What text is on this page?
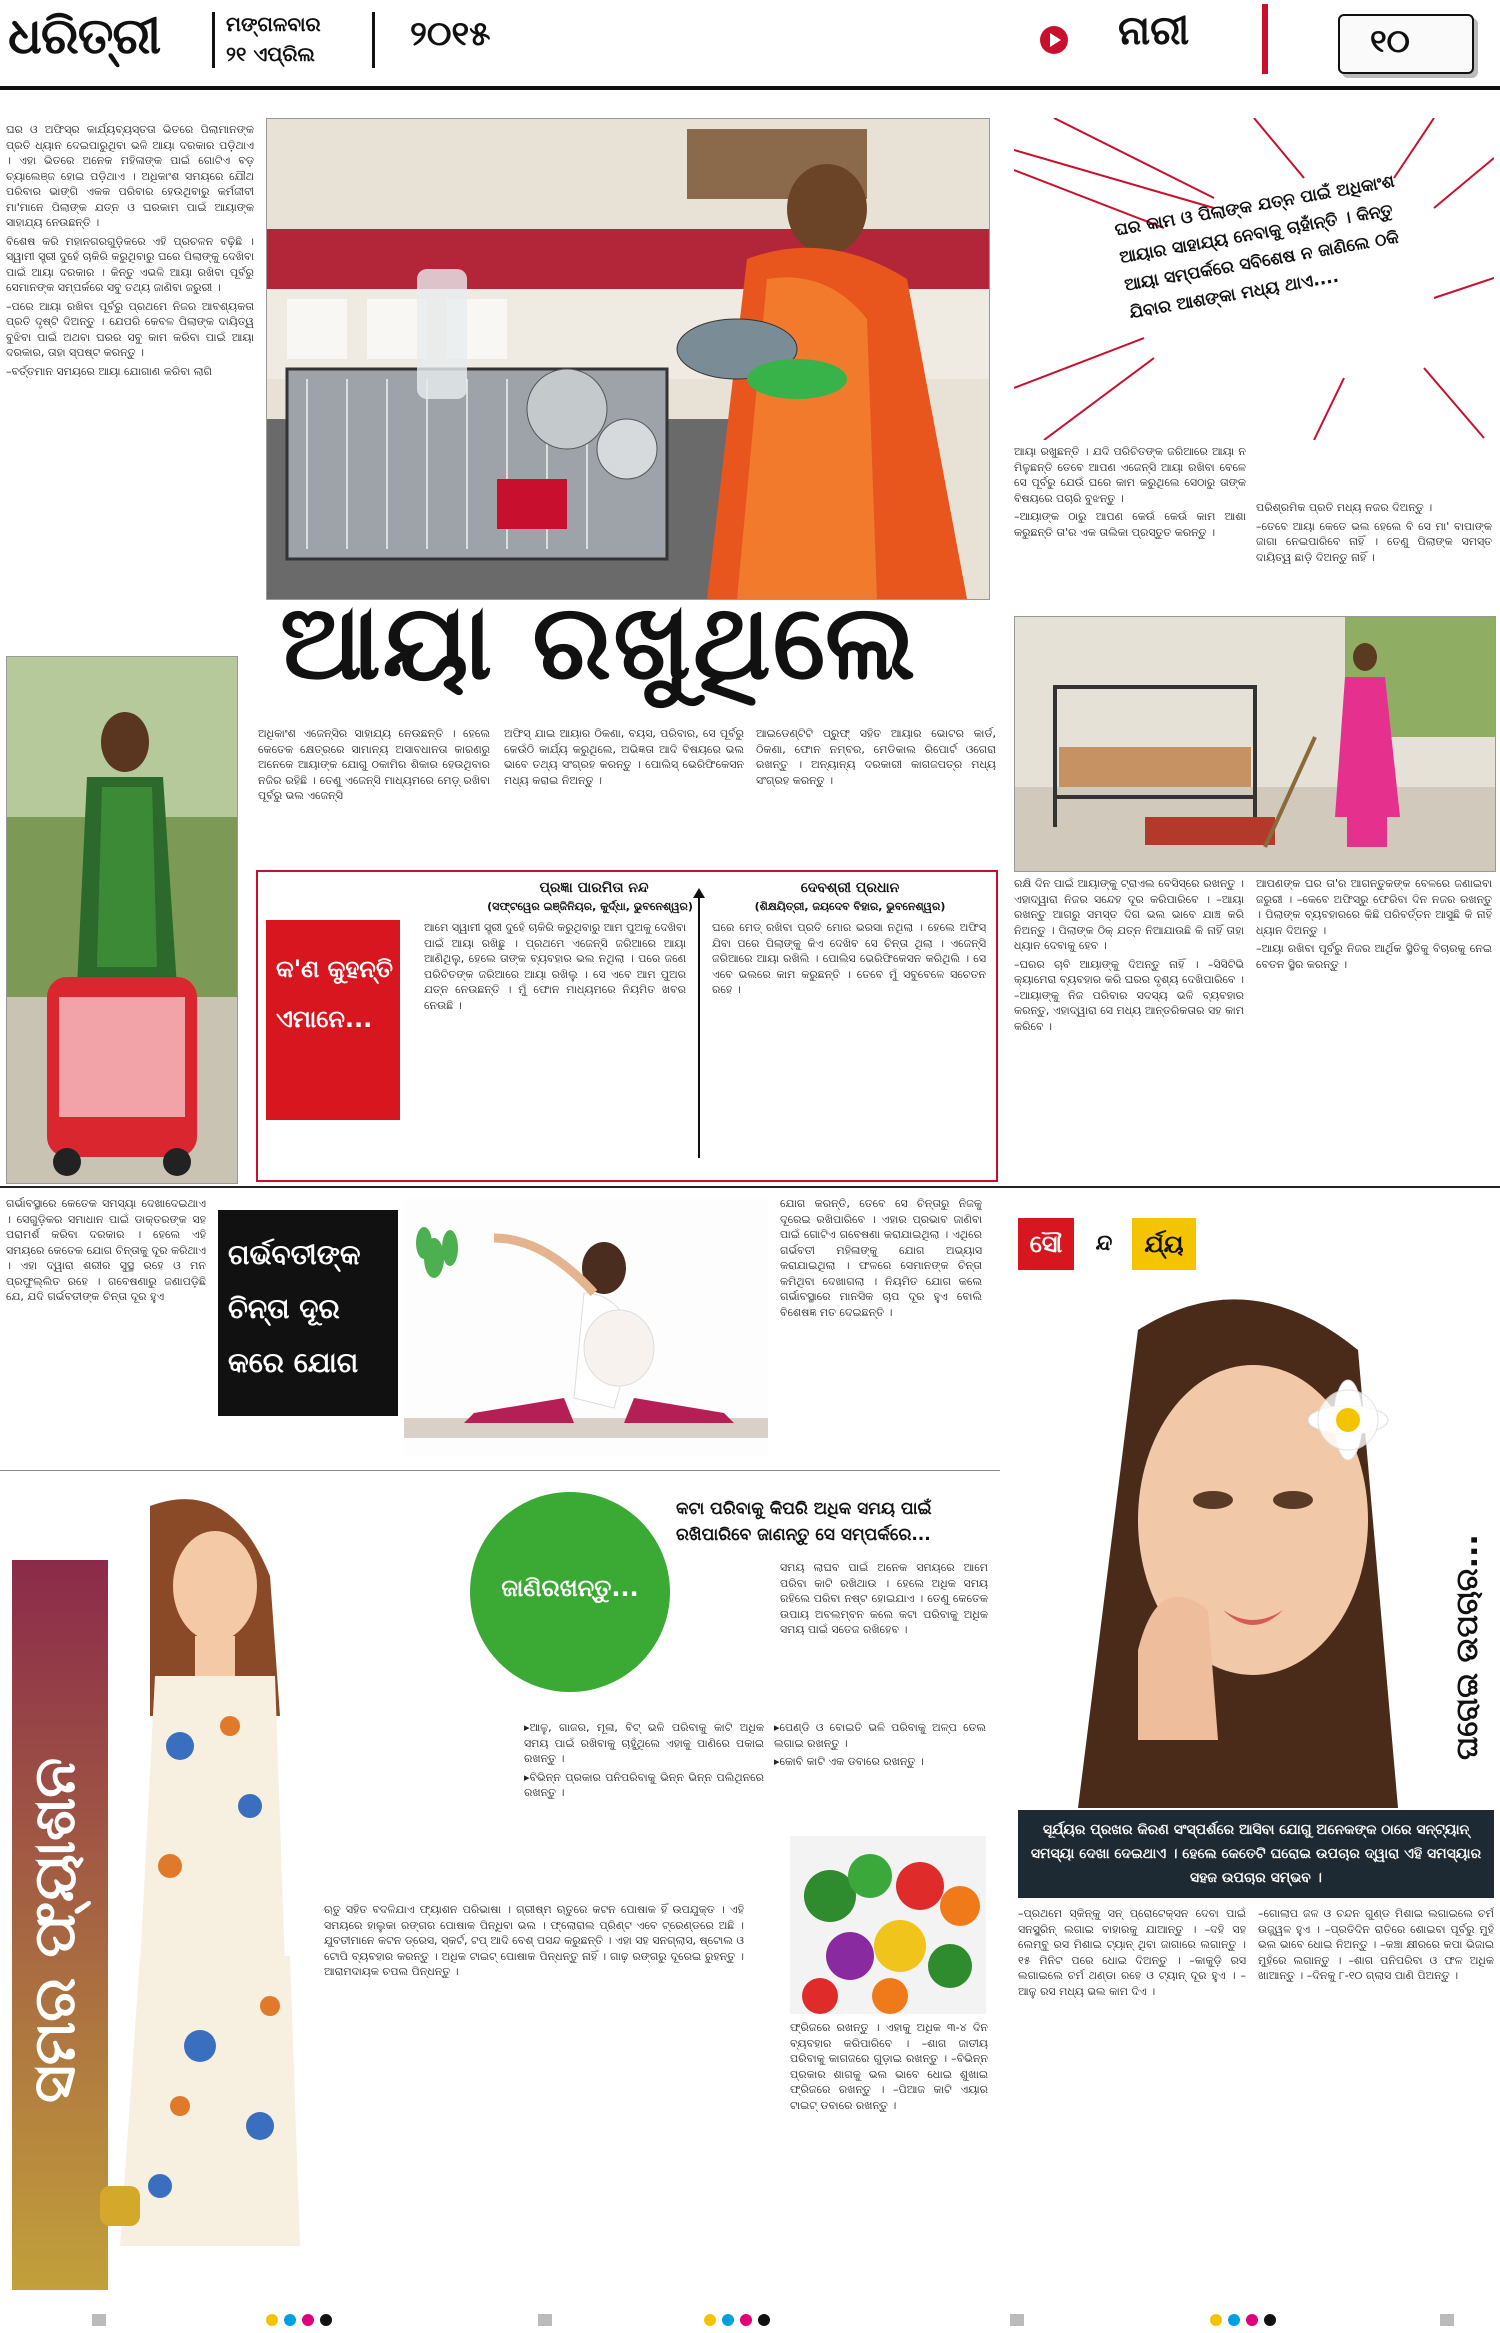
ଧରିତ୍ରୀ	ମଙ୍ଗଳବାର
୨୧ ଏପ୍ରିଲ	୨୦୧୫	ନାରୀ	୧୦

ଘର ଓ ଅଫିସ୍ର କାର୍ଯ୍ୟବ୍ୟସ୍ତତା ଭିତରେ ପିଲାମାନଙ୍କ ପ୍ରତି ଧ୍ୟାନ ଦେଇପାରୁଥିବା ଭଳି ଆୟା ଦରକାର ପଡ଼ିଥାଏ । ଏହା ଭିତରେ ଅନେକ ମହିଳାଙ୍କ ପାଇଁ ଗୋଟିଏ ବଡ଼ ଚ୍ୟାଲେଞ୍ଜ ହୋଇ ପଡ଼ିଥାଏ । ଅଧିକାଂଶ ସମୟରେ ଯୌଥ ପରିବାର ଭାଙ୍ଗି ଏକକ ପରିବାର ହେଉଥିବାରୁ କର୍ମଜୀବୀ ମା'ମାନେ ପିଲାଙ୍କ ଯତ୍ନ ଓ ଘରକାମ ପାଇଁ ଆୟାଙ୍କ ସାହାଯ୍ୟ ନେଉଛନ୍ତି ।

ବିଶେଷ କରି ମହାନଗରଗୁଡ଼ିକରେ ଏହି ପ୍ରଚଳନ ବଢ଼ିଛି । ସ୍ୱାମୀ ସ୍ତ୍ରୀ ଦୁହେଁ ଚାକିରି କରୁଥିବାରୁ ଘରେ ପିଲାଙ୍କୁ ଦେଖିବା ପାଇଁ ଆୟା ଦରକାର । କିନ୍ତୁ ଏଭଳି ଆୟା ରଖିବା ପୂର୍ବରୁ ସେମାନଙ୍କ ସମ୍ପର୍କରେ ସବୁ ତଥ୍ୟ ଜାଣିବା ଜରୁରୀ ।

–ପରେ ଆୟା ରଖିବା ପୂର୍ବରୁ ପ୍ରଥମେ ନିଜର ଆବଶ୍ୟକତା ପ୍ରତି ଦୃଷ୍ଟି ଦିଅନ୍ତୁ । ଯେପରି କେବଳ ପିଲାଙ୍କ ଦାୟିତ୍ୱ ବୁଝିବା ପାଇଁ ଅଥବା ଘରର ସବୁ କାମ କରିବା ପାଇଁ ଆୟା ଦରକାର, ତାହା ସ୍ପଷ୍ଟ କରନ୍ତୁ ।

–ବର୍ତ୍ତମାନ ସମୟରେ ଆୟା ଯୋଗାଣ କରିବା ଲାଗି

ଆୟା ରଖୁଥିଲେ
ଘର କାମ ଓ ପିଲାଙ୍କ ଯତ୍ନ ପାଇଁ ଅଧିକାଂଶ ଆୟାର ସାହାଯ୍ୟ ନେବାକୁ ଚାହାଁନ୍ତି । କିନ୍ତୁ ଆୟା ସମ୍ପର୍କରେ ସବିଶେଷ ନ ଜାଣିଲେ ଠକି ଯିବାର ଆଶଙ୍କା ମଧ୍ୟ ଥାଏ....

ଆୟା ରଖୁଛନ୍ତି । ଯଦି ପରିଚିତଙ୍କ ଜରିଆରେ ଆୟା ନ ମିଳୁଛନ୍ତି ତେବେ ଆପଣ ଏଜେନ୍ସି ଆୟା ରଖିବା ବେଳେ ସେ ପୂର୍ବରୁ ଯେଉଁ ଘରେ କାମ କରୁଥିଲେ ସେଠାରୁ ତାଙ୍କ ବିଷୟରେ ପଚାରି ବୁଝନ୍ତୁ ।

–ଆୟାଙ୍କ ଠାରୁ ଆପଣ କେଉଁ କେଉଁ କାମ ଆଶା କରୁଛନ୍ତି ତା'ର ଏକ ତାଲିକା ପ୍ରସ୍ତୁତ କରନ୍ତୁ ।

ପରିଶ୍ରମିକ ପ୍ରତି ମଧ୍ୟ ନଜର ଦିଅନ୍ତୁ ।

–ତେବେ ଆୟା କେତେ ଭଲ ହେଲେ ବି ସେ ମା' ବାପାଙ୍କ ଜାଗା ନେଇପାରିବେ ନାହିଁ । ତେଣୁ ପିଲାଙ୍କ ସମସ୍ତ ଦାୟିତ୍ୱ ଛାଡ଼ି ଦିଅନ୍ତୁ ନାହିଁ ।

ଅଧିକାଂଶ ଏଜେନ୍ସିର ସାହାଯ୍ୟ ନେଉଛନ୍ତି । ହେଲେ କେତେକ କ୍ଷେତ୍ରରେ ସାମାନ୍ୟ ଅସାବଧାନତା କାରଣରୁ ଅନେକେ ଆୟାଙ୍କ ଯୋଗୁ ଠକାମିର ଶିକାର ହେଉଥିବାର ନଜିର ରହିଛି । ତେଣୁ ଏଜେନ୍ସି ମାଧ୍ୟମରେ ମେଡ଼୍ ରଖିବା ପୂର୍ବରୁ ଭଲ ଏଜେନ୍ସି

ଅଫିସ୍ ଯାଇ ଆୟାର ଠିକଣା, ବୟସ, ପରିବାର, ସେ ପୂର୍ବରୁ କେଉଁଠି କାର୍ଯ୍ୟ କରୁଥିଲେ, ଅଭିଜ୍ଞତା ଆଦି ବିଷୟରେ ଭଲ ଭାବେ ତଥ୍ୟ ସଂଗ୍ରହ କରନ୍ତୁ । ପୋଲିସ୍ ଭେରିଫିକେସନ ମଧ୍ୟ କରାଇ ନିଅନ୍ତୁ ।

ଆଇଡେଣ୍ଟିଟି ପ୍ରୁଫ୍ ସହିତ ଆୟାର ଭୋଟର କାର୍ଡ, ଠିକଣା, ଫୋନ ନମ୍ବର, ମେଡିକାଲ ରିପୋର୍ଟ ଓଗେରା ରଖନ୍ତୁ । ଅନ୍ୟାନ୍ୟ ଦରକାରୀ କାଗଜପତ୍ର ମଧ୍ୟ ସଂଗ୍ରହ କରନ୍ତୁ ।

କ'ଣ କୁହନ୍ତି ଏମାନେ...
ପ୍ରଜ୍ଞା ପାରମିତା ନନ୍ଦ
(ସଫ୍ଟୱେର ଇଞ୍ଜିନିୟର, କୁର୍ଦ୍ଧା, ଭୁବନେଶ୍ୱର)
ଆମେ ସ୍ୱାମୀ ସ୍ତ୍ରୀ ଦୁହେଁ ଚାକିରି କରୁଥିବାରୁ ଆମ ପୁଅକୁ ଦେଖିବା ପାଇଁ ଆୟା ରଖିଛୁ । ପ୍ରଥମେ ଏଜେନ୍ସି ଜରିଆରେ ଆୟା ଆଣିଥିଲୁ, ହେଲେ ତାଙ୍କ ବ୍ୟବହାର ଭଲ ନଥିଲା । ପରେ ଜଣେ ପରିଚିତଙ୍କ ଜରିଆରେ ଆୟା ରଖିଲୁ । ସେ ଏବେ ଆମ ପୁଅର ଯତ୍ନ ନେଉଛନ୍ତି । ମୁଁ ଫୋନ ମାଧ୍ୟମରେ ନିୟମିତ ଖବର ନେଉଛି ।
ଦେବଶ୍ରୀ ପ୍ରଧାନ
(ଶିକ୍ଷୟିତ୍ରୀ, ଜୟଦେବ ବିହାର, ଭୁବନେଶ୍ୱର)
ଘରେ ମେଡ୍ ରଖିବା ପ୍ରତି ମୋର ଭରସା ନଥିଲା । ହେଲେ ଅଫିସ୍ ଯିବା ପରେ ପିଲାଙ୍କୁ କିଏ ଦେଖିବ ସେ ଚିନ୍ତା ଥିଲା । ଏଜେନ୍ସି ଜରିଆରେ ଆୟା ରଖିଲି । ପୋଲିସ ଭେରିଫିକେସନ କରିଥିଲି । ସେ ଏବେ ଭଲରେ କାମ କରୁଛନ୍ତି । ତେବେ ମୁଁ ସବୁବେଳେ ସଚେତନ ରହେ ।

ରକ୍ଷି ଦିନ ପାଇଁ ଆୟାଙ୍କୁ ଟ୍ରାଏଲ ବେସିସ୍ରେ ରଖନ୍ତୁ । ଏହାଦ୍ୱାରା ନିଜର ସନ୍ଦେହ ଦୂର କରିପାରିବେ । –ଆୟା ରଖନ୍ତୁ ଆଗରୁ ସମସ୍ତ ଦିଗ ଭଲ ଭାବେ ଯାଞ୍ଚ କରି ନିଅନ୍ତୁ । ପିଲାଙ୍କ ଠିକ୍ ଯତ୍ନ ନିଆଯାଉଛି କି ନାହିଁ ତାହା ଧ୍ୟାନ ଦେବାକୁ ହେବ ।

–ଘରର ଚାବି ଆୟାଙ୍କୁ ଦିଅନ୍ତୁ ନାହିଁ । –ସିସିଟିଭି କ୍ୟାମେରା ବ୍ୟବହାର କରି ଘରର ଦୃଶ୍ୟ ଦେଖିପାରିବେ । –ଆୟାଙ୍କୁ ନିଜ ପରିବାର ସଦସ୍ୟ ଭଳି ବ୍ୟବହାର କରନ୍ତୁ, ଏହାଦ୍ୱାରା ସେ ମଧ୍ୟ ଆନ୍ତରିକତାର ସହ କାମ କରିବେ ।

ଆପଣଙ୍କ ଘର ତା'ର ଆଗନ୍ତୁକଙ୍କ ବେଳରେ ଜଣାଇବା ଜରୁରୀ । –କେବେ ଅଫିସ୍ରୁ ଫେରିବା ଦିନ ନଜର ରଖନ୍ତୁ । ପିଲାଙ୍କ ବ୍ୟବହାରରେ କିଛି ପରିବର୍ତ୍ତନ ଆସୁଛି କି ନାହିଁ ଧ୍ୟାନ ଦିଅନ୍ତୁ ।

–ଆୟା ରଖିବା ପୂର୍ବରୁ ନିଜର ଆର୍ଥିକ ସ୍ଥିତିକୁ ବିଚାରକୁ ନେଇ ବେତନ ସ୍ଥିର କରନ୍ତୁ ।

ଗର୍ଭାବସ୍ଥାରେ କେତେକ ସମସ୍ୟା ଦେଖାଦେଇଥାଏ । ସେଗୁଡ଼ିକର ସମାଧାନ ପାଇଁ ଡାକ୍ତରଙ୍କ ସହ ପରାମର୍ଶ କରିବା ଦରକାର । ହେଲେ ଏହି ସମୟରେ କେତେକ ଯୋଗ ଚିନ୍ତାକୁ ଦୂର କରିଥାଏ । ଏହା ଦ୍ୱାରା ଶରୀର ସୁସ୍ଥ ରହେ ଓ ମନ ପ୍ରଫୁଲ୍ଲିତ ରହେ । ଗବେଷଣାରୁ ଜଣାପଡ଼ିଛି ଯେ, ଯଦି ଗର୍ଭବତୀଙ୍କ ଚିନ୍ତା ଦୂର ହୁଏ
ଗର୍ଭବତୀଙ୍କ ଚିନ୍ତା ଦୂର କରେ ଯୋଗ
ଯୋଗ କରନ୍ତି, ତେବେ ସେ ଚିନ୍ତାରୁ ନିଜକୁ ଦୂରେଇ ରଖିପାରିବେ । ଏହାର ପ୍ରଭାବ ଜାଣିବା ପାଇଁ ଗୋଟିଏ ଗବେଷଣା କରାଯାଇଥିଲା । ଏଥିରେ ଗର୍ଭବତୀ ମହିଳାଙ୍କୁ ଯୋଗ ଅଭ୍ୟାସ କରାଯାଇଥିଲା । ଫଳରେ ସେମାନଙ୍କ ଚିନ୍ତା କମିଥିବା ଦେଖାଗଲା । ନିୟମିତ ଯୋଗ କଲେ ଗର୍ଭାବସ୍ଥାରେ ମାନସିକ ଚାପ ଦୂର ହୁଏ ବୋଲି ବିଶେଷଜ୍ଞ ମତ ଦେଇଛନ୍ତି ।
ସୌ	ନ୍ଦ	ର୍ଯ୍ୟ
ଘରୋଇ ଉପଚାର...
ସୂର୍ଯ୍ୟର ପ୍ରଖର କିରଣ ସଂସ୍ପର୍ଶରେ ଆସିବା ଯୋଗୁ ଅନେକଙ୍କ ଠାରେ ସନ୍‌ଟ୍ୟାନ୍ ସମସ୍ୟା ଦେଖା ଦେଇଥାଏ । ହେଲେ କେତେଟି ଘରୋଇ ଉପଚାର ଦ୍ୱାରା ଏହି ସମସ୍ୟାର ସହଜ ଉପଚାର ସମ୍ଭବ ।
–ପ୍ରଥମେ ସ୍କିନ୍କୁ ସନ୍ ପ୍ରୋଟେକ୍ସନ ଦେବା ପାଇଁ ସନସ୍କ୍ରିନ୍ ଲଗାଇ ବାହାରକୁ ଯାଆନ୍ତୁ । –ଦହି ସହ ଲେମ୍ବୁ ରସ ମିଶାଇ ଟ୍ୟାନ୍ ଥିବା ଜାଗାରେ ଲଗାନ୍ତୁ । ୧୫ ମିନିଟ ପରେ ଧୋଇ ଦିଅନ୍ତୁ । –କାକୁଡ଼ି ରସ ଲଗାଇଲେ ଚର୍ମ ଥଣ୍ଡା ରହେ ଓ ଟ୍ୟାନ୍ ଦୂର ହୁଏ । –ଆଳୁ ରସ ମଧ୍ୟ ଭଲ କାମ ଦିଏ ।
–ଗୋଲାପ ଜଳ ଓ ଚନ୍ଦନ ଗୁଣ୍ଡ ମିଶାଇ ଲଗାଇଲେ ଚର୍ମ ଉଜ୍ଜ୍ୱଳ ହୁଏ । –ପ୍ରତିଦିନ ରାତିରେ ଶୋଇବା ପୂର୍ବରୁ ମୁହଁ ଭଲ ଭାବେ ଧୋଇ ନିଅନ୍ତୁ । –କଞ୍ଚା କ୍ଷୀରରେ କପା ଭିଜାଇ ମୁହଁରେ ଲଗାନ୍ତୁ । –ଶାଗ ପନିପରିବା ଓ ଫଳ ଅଧିକ ଖାଆନ୍ତୁ । –ଦିନକୁ ୮-୧୦ ଗ୍ଲାସ ପାଣି ପିଅନ୍ତୁ ।
ସମର ଫ୍ୟାଶନ
ଜାଣିରଖନ୍ତୁ...
କଟା ପରିବାକୁ କିପରି ଅଧିକ ସମୟ ପାଇଁ ରଖିପାରିବେ ଜାଣନ୍ତୁ ସେ ସମ୍ପର୍କରେ...
ସମୟ ଲାଘବ ପାଇଁ ଅନେକ ସମୟରେ ଆମେ ପରିବା କାଟି ରଖିଥାଉ । ହେଲେ ଅଧିକ ସମୟ ରହିଲେ ପରିବା ନଷ୍ଟ ହୋଇଯାଏ । ତେଣୁ କେତେକ ଉପାୟ ଅବଲମ୍ବନ କଲେ କଟା ପରିବାକୁ ଅଧିକ ସମୟ ପାଇଁ ସତେଜ ରଖିହେବ ।

▸ ଆଳୁ, ଗାଜର, ମୂଳା, ବିଟ୍ ଭଳି ପରିବାକୁ କାଟି ଅଧିକ ସମୟ ପାଇଁ ରଖିବାକୁ ଚାହୁଁଥିଲେ ଏହାକୁ ପାଣିରେ ପକାଇ ରଖନ୍ତୁ ।

▸ ବିଭିନ୍ନ ପ୍ରକାର ପନିପରିବାକୁ ଭିନ୍ନ ଭିନ୍ନ ପଲିଥିନରେ ରଖନ୍ତୁ ।

▸ ପେଣ୍ଡି ଓ ବୋଇତି ଭଳି ପରିବାକୁ ଅଳ୍ପ ତେଲ ଲଗାଇ ରଖନ୍ତୁ ।

▸ କୋବି କାଟି ଏକ ଡବାରେ ରଖନ୍ତୁ ।

ଋତୁ ସହିତ ବଦଳିଯାଏ ଫ୍ୟାଶନ ପରିଭାଷା । ଗ୍ରୀଷ୍ମ ଋତୁରେ କଟନ ପୋଷାକ ହିଁ ଉପଯୁକ୍ତ । ଏହି ସମୟରେ ହାଲୁକା ରଙ୍ଗର ପୋଷାକ ପିନ୍ଧିବା ଭଲ । ଫ୍ଲୋରାଲ ପ୍ରିଣ୍ଟ ଏବେ ଟ୍ରେଣ୍ଡରେ ଅଛି । ଯୁବତୀମାନେ କଟନ ଡ୍ରେସ, ସ୍କର୍ଟ, ଟପ୍ ଆଦି ବେଶ୍ ପସନ୍ଦ କରୁଛନ୍ତି । ଏହା ସହ ସନଗ୍ଲାସ, ଷ୍ଟୋଲ ଓ ଟୋପି ବ୍ୟବହାର କରନ୍ତୁ । ଅଧିକ ଟାଇଟ୍ ପୋଷାକ ପିନ୍ଧନ୍ତୁ ନାହିଁ । ଗାଢ଼ ରଙ୍ଗରୁ ଦୂରେଇ ରୁହନ୍ତୁ । ଆରାମଦାୟକ ଚପଲ ପିନ୍ଧନ୍ତୁ ।
ଫ୍ରିଜରେ ରଖନ୍ତୁ । ଏହାକୁ ଅଧିକ ୩-୪ ଦିନ ବ୍ୟବହାର କରିପାରିବେ । –ଶାଗ ଜାତୀୟ ପରିବାକୁ କାଗଜରେ ଗୁଡ଼ାଇ ରଖନ୍ତୁ । –ବିଭିନ୍ନ ପ୍ରକାର ଶାଗକୁ ଭଲ ଭାବେ ଧୋଇ ଶୁଖାଇ ଫ୍ରିଜରେ ରଖନ୍ତୁ । –ପିଆଜ କାଟି ଏୟାର ଟାଇଟ୍ ଡବାରେ ରଖନ୍ତୁ ।
